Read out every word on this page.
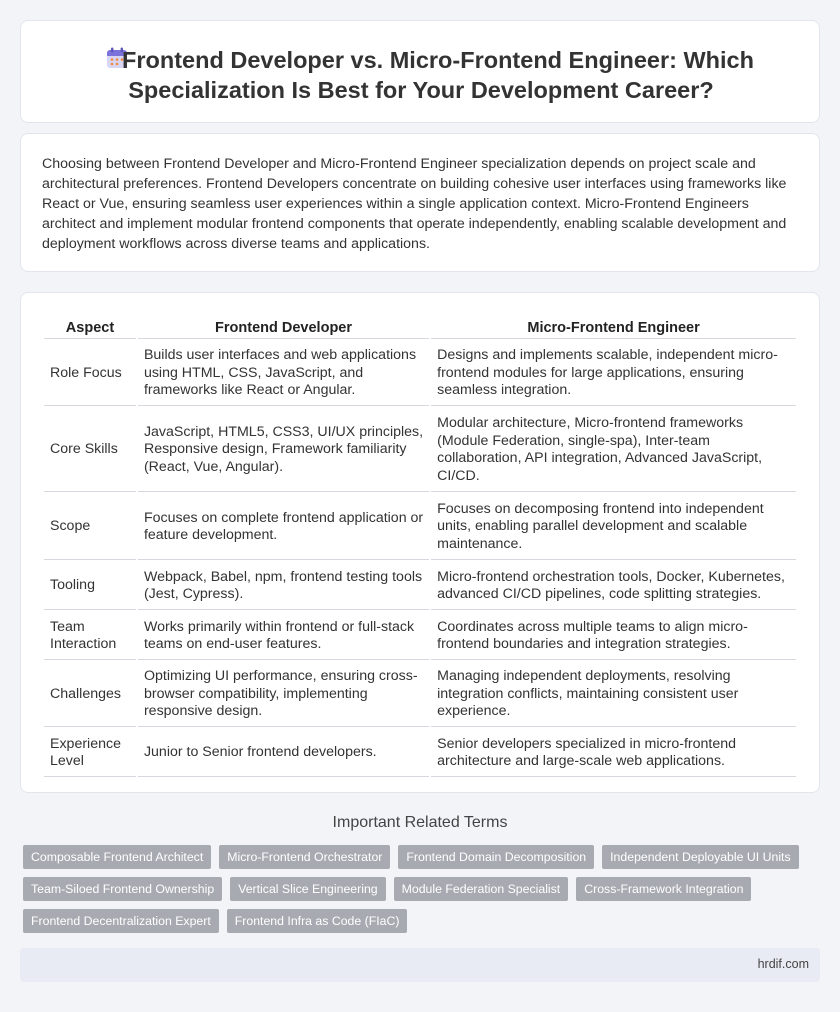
Frontend Developer vs. Micro-Frontend Engineer: Which Specialization Is Best for Your Development Career?

Choosing between Frontend Developer and Micro-Frontend Engineer specialization depends on project scale and architectural preferences. Frontend Developers concentrate on building cohesive user interfaces using frameworks like React or Vue, ensuring seamless user experiences within a single application context. Micro-Frontend Engineers architect and implement modular frontend components that operate independently, enabling scalable development and deployment workflows across diverse teams and applications.

Aspect	Frontend Developer	Micro-Frontend Engineer
Role Focus	Builds user interfaces and web applications using HTML, CSS, JavaScript, and frameworks like React or Angular.	Designs and implements scalable, independent micro-frontend modules for large applications, ensuring seamless integration.
Core Skills	JavaScript, HTML5, CSS3, UI/UX principles, Responsive design, Framework familiarity (React, Vue, Angular).	Modular architecture, Micro-frontend frameworks (Module Federation, single-spa), Inter-team collaboration, API integration, Advanced JavaScript, CI/CD.
Scope	Focuses on complete frontend application or feature development.	Focuses on decomposing frontend into independent units, enabling parallel development and scalable maintenance.
Tooling	Webpack, Babel, npm, frontend testing tools (Jest, Cypress).	Micro-frontend orchestration tools, Docker, Kubernetes, advanced CI/CD pipelines, code splitting strategies.
Team Interaction	Works primarily within frontend or full-stack teams on end-user features.	Coordinates across multiple teams to align micro-frontend boundaries and integration strategies.
Challenges	Optimizing UI performance, ensuring cross-browser compatibility, implementing responsive design.	Managing independent deployments, resolving integration conflicts, maintaining consistent user experience.
Experience Level	Junior to Senior frontend developers.	Senior developers specialized in micro-frontend architecture and large-scale web applications.
Important Related Terms
Composable Frontend Architect	Micro-Frontend Orchestrator	Frontend Domain Decomposition	Independent Deployable UI Units
Team-Siloed Frontend Ownership	Vertical Slice Engineering	Module Federation Specialist	Cross-Framework Integration
Frontend Decentralization Expert	Frontend Infra as Code (FIaC)
hrdif.com
